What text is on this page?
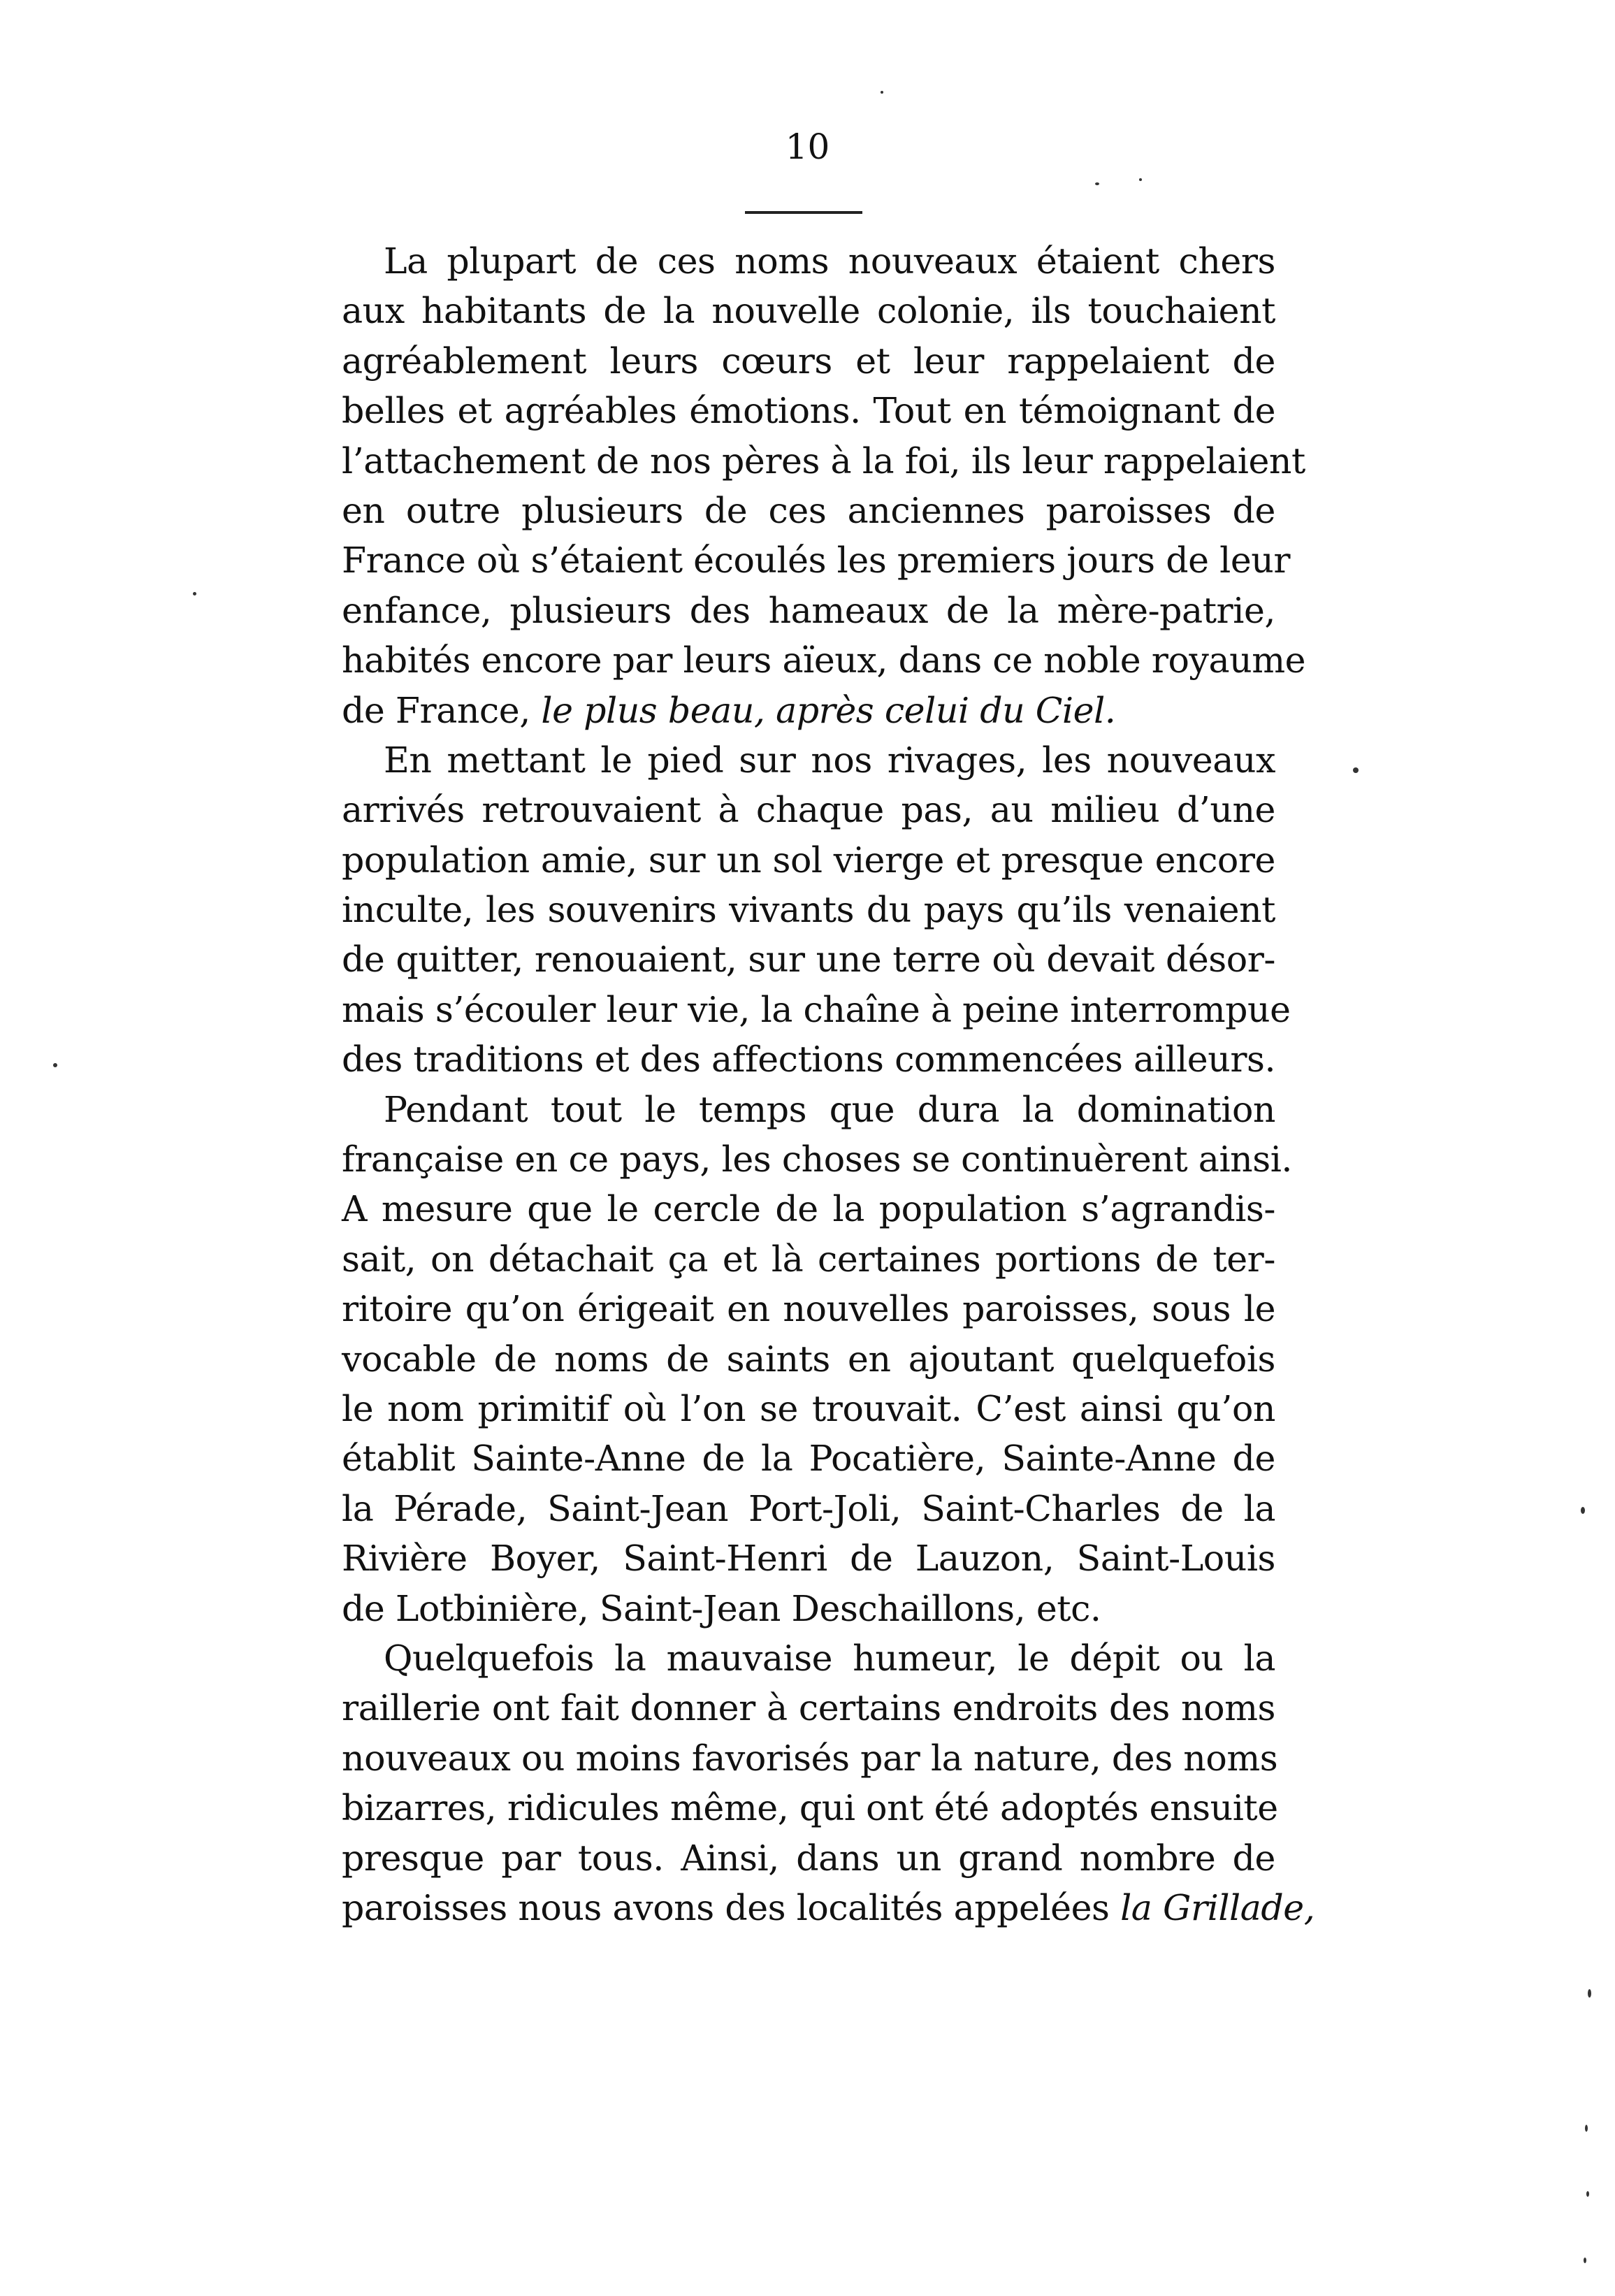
10
La plupart de ces noms nouveaux étaient chers
aux habitants de la nouvelle colonie, ils touchaient
agréablement leurs cœurs et leur rappelaient de
belles et agréables émotions. Tout en témoignant de
l’attachement de nos pères à la foi, ils leur rappelaient
en outre plusieurs de ces anciennes paroisses de
France où s’étaient écoulés les premiers jours de leur
enfance, plusieurs des hameaux de la mère-patrie,
habités encore par leurs aïeux, dans ce noble royaume
de France, le plus beau, après celui du Ciel.
En mettant le pied sur nos rivages, les nouveaux
arrivés retrouvaient à chaque pas, au milieu d’une
population amie, sur un sol vierge et presque encore
inculte, les souvenirs vivants du pays qu’ils venaient
de quitter, renouaient, sur une terre où devait désor-
mais s’écouler leur vie, la chaîne à peine interrompue
des traditions et des affections commencées ailleurs.
Pendant tout le temps que dura la domination
française en ce pays, les choses se continuèrent ainsi.
A mesure que le cercle de la population s’agrandis-
sait, on détachait ça et là certaines portions de ter-
ritoire qu’on érigeait en nouvelles paroisses, sous le
vocable de noms de saints en ajoutant quelquefois
le nom primitif où l’on se trouvait. C’est ainsi qu’on
établit Sainte-Anne de la Pocatière, Sainte-Anne de
la Pérade, Saint-Jean Port-Joli, Saint-Charles de la
Rivière Boyer, Saint-Henri de Lauzon, Saint-Louis
de Lotbinière, Saint-Jean Deschaillons, etc.
Quelquefois la mauvaise humeur, le dépit ou la
raillerie ont fait donner à certains endroits des noms
nouveaux ou moins favorisés par la nature, des noms
bizarres, ridicules même, qui ont été adoptés ensuite
presque par tous. Ainsi, dans un grand nombre de
paroisses nous avons des localités appelées la Grillade,
